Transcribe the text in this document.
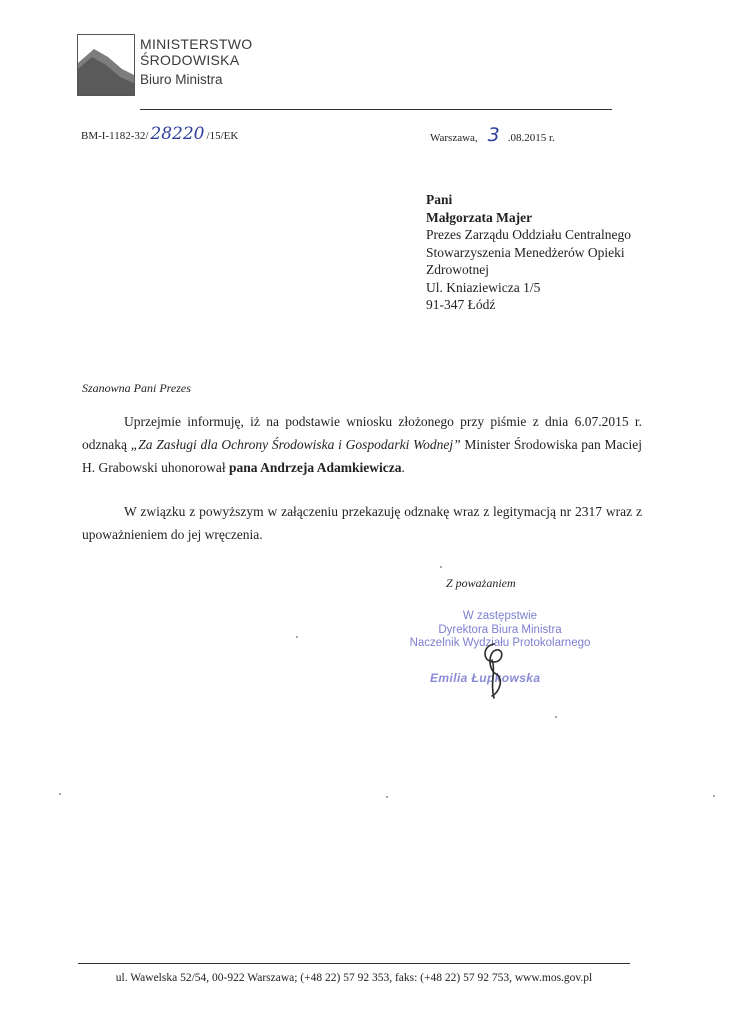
MINISTERSTWO
ŚRODOWISKA
Biuro Ministra
BM-I-1182-32/ 28220 /15/EK	Warszawa, 3 .08.2015 r.
Pani
Małgorzata Majer
Prezes Zarządu Oddziału Centralnego
Stowarzyszenia Menedżerów Opieki
Zdrowotnej
Ul. Kniaziewicza 1/5
91-347 Łódź
Szanowna Pani Prezes
Uprzejmie informuję, iż na podstawie wniosku złożonego przy piśmie z dnia 6.07.2015 r. odznaką „Za Zasługi dla Ochrony Środowiska i Gospodarki Wodnej” Minister Środowiska pan Maciej H. Grabowski uhonorował pana Andrzeja Adamkiewicza.
W związku z powyższym w załączeniu przekazuję odznakę wraz z legitymacją nr 2317 wraz z upoważnieniem do jej wręczenia.
Z poważaniem
W zastępstwie
Dyrektora Biura Ministra
Naczelnik Wydziału Protokolarnego
Emilia Łupkowska
ul. Wawelska 52/54, 00-922 Warszawa; (+48 22) 57 92 353, faks: (+48 22) 57 92 753, www.mos.gov.pl
